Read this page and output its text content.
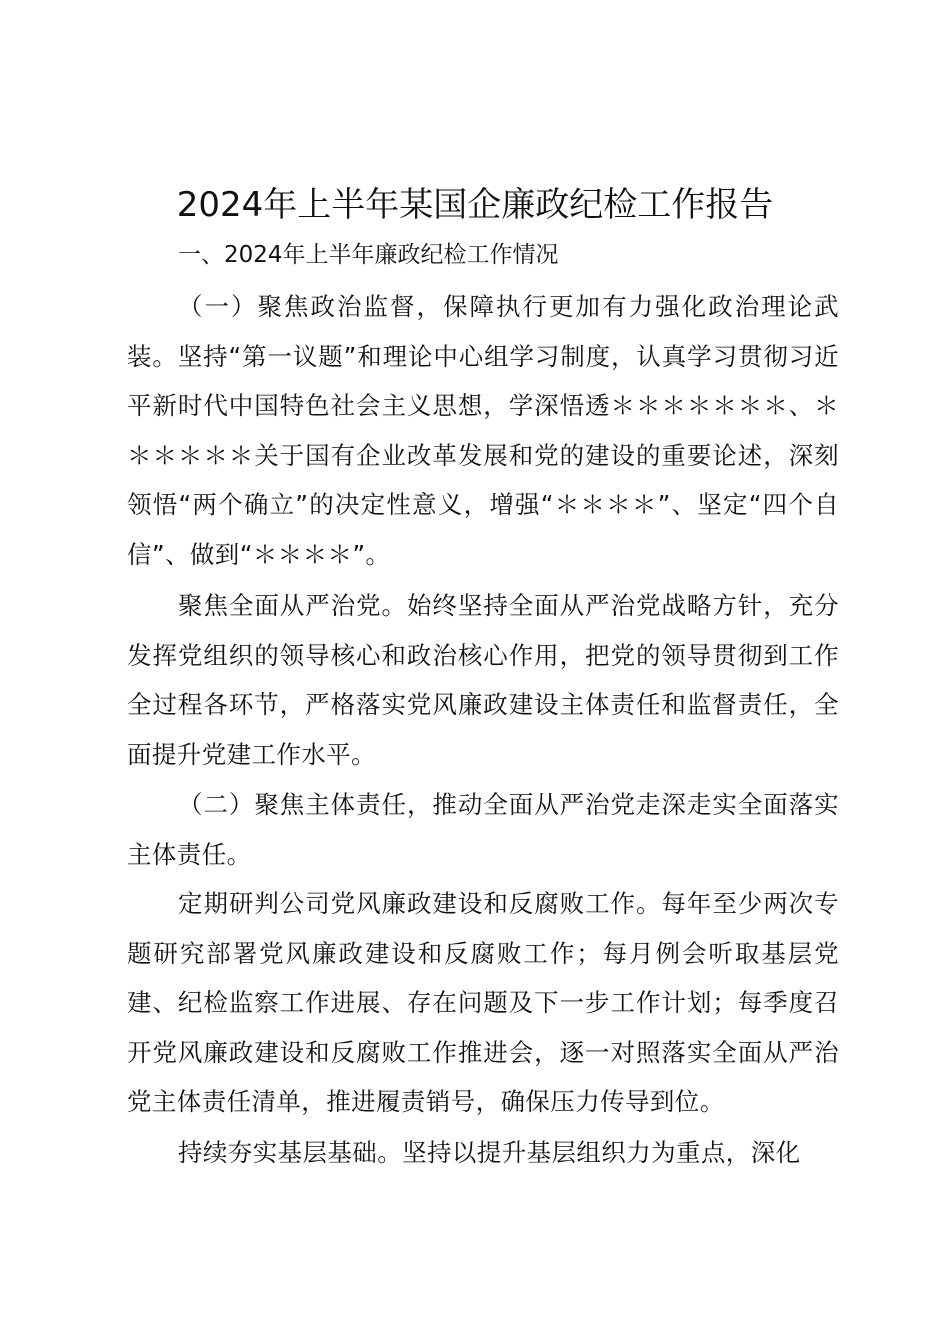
2024年上半年某国企廉政纪检工作报告

一、2024年上半年廉政纪检工作情况

（一）聚焦政治监督，保障执行更加有力强化政治理论武装。坚持“第一议题”和理论中心组学习制度，认真学习贯彻习近平新时代中国特色社会主义思想，学深悟透＊＊＊＊＊＊＊、＊＊＊＊＊＊关于国有企业改革发展和党的建设的重要论述，深刻领悟“两个确立”的决定性意义，增强“＊＊＊＊”、坚定“四个自信”、做到“＊＊＊＊”。

聚焦全面从严治党。始终坚持全面从严治党战略方针，充分发挥党组织的领导核心和政治核心作用，把党的领导贯彻到工作全过程各环节，严格落实党风廉政建设主体责任和监督责任，全面提升党建工作水平。

（二）聚焦主体责任，推动全面从严治党走深走实全面落实主体责任。

定期研判公司党风廉政建设和反腐败工作。每年至少两次专题研究部署党风廉政建设和反腐败工作；每月例会听取基层党建、纪检监察工作进展、存在问题及下一步工作计划；每季度召开党风廉政建设和反腐败工作推进会，逐一对照落实全面从严治党主体责任清单，推进履责销号，确保压力传导到位。

持续夯实基层基础。坚持以提升基层组织力为重点，深化
